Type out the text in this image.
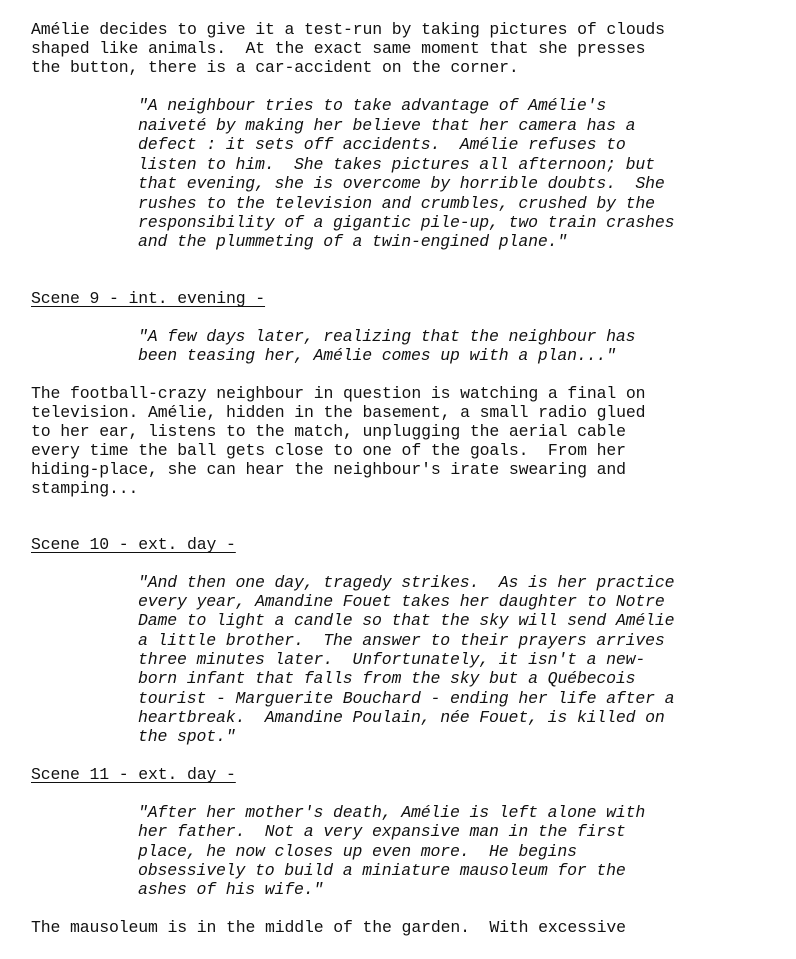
Amélie decides to give it a test-run by taking pictures of clouds
shaped like animals.  At the exact same moment that she presses
the button, there is a car-accident on the corner.
"A neighbour tries to take advantage of Amélie's
naiveté by making her believe that her camera has a
defect : it sets off accidents.  Amélie refuses to
listen to him.  She takes pictures all afternoon; but
that evening, she is overcome by horrible doubts.  She
rushes to the television and crumbles, crushed by the
responsibility of a gigantic pile-up, two train crashes
and the plummeting of a twin-engined plane."
Scene 9 - int. evening -
"A few days later, realizing that the neighbour has
been teasing her, Amélie comes up with a plan..."
The football-crazy neighbour in question is watching a final on
television. Amélie, hidden in the basement, a small radio glued
to her ear, listens to the match, unplugging the aerial cable
every time the ball gets close to one of the goals.  From her
hiding-place, she can hear the neighbour's irate swearing and
stamping...
Scene 10 - ext. day -
"And then one day, tragedy strikes.  As is her practice
every year, Amandine Fouet takes her daughter to Notre
Dame to light a candle so that the sky will send Amélie
a little brother.  The answer to their prayers arrives
three minutes later.  Unfortunately, it isn't a new-
born infant that falls from the sky but a Québecois
tourist - Marguerite Bouchard - ending her life after a
heartbreak.  Amandine Poulain, née Fouet, is killed on
the spot."
Scene 11 - ext. day -
"After her mother's death, Amélie is left alone with
her father.  Not a very expansive man in the first
place, he now closes up even more.  He begins
obsessively to build a miniature mausoleum for the
ashes of his wife."
The mausoleum is in the middle of the garden.  With excessive
